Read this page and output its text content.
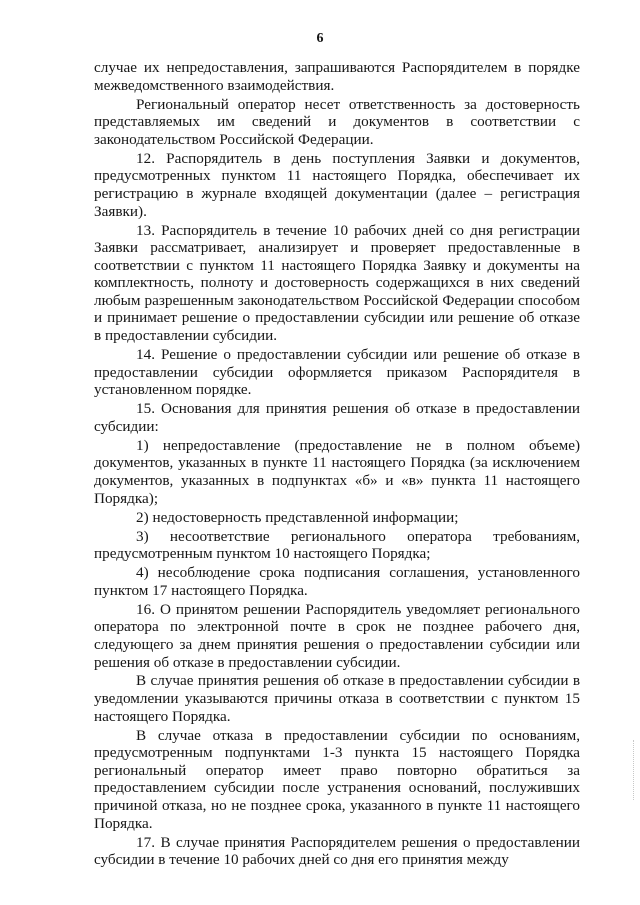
6

случае их непредоставления, запрашиваются Распорядителем в порядке межведомственного взаимодействия.

Региональный оператор несет ответственность за достоверность представляемых им сведений и документов в соответствии с законодательством Российской Федерации.

12. Распорядитель в день поступления Заявки и документов, предусмотренных пунктом 11 настоящего Порядка, обеспечивает их регистрацию в журнале входящей документации (далее – регистрация Заявки).

13. Распорядитель в течение 10 рабочих дней со дня регистрации Заявки рассматривает, анализирует и проверяет предоставленные в соответствии с пунктом 11 настоящего Порядка Заявку и документы на комплектность, полноту и достоверность содержащихся в них сведений любым разрешенным законодательством Российской Федерации способом и принимает решение о предоставлении субсидии или решение об отказе в предоставлении субсидии.

14. Решение о предоставлении субсидии или решение об отказе в предоставлении субсидии оформляется приказом Распорядителя в установленном порядке.

15. Основания для принятия решения об отказе в предоставлении субсидии:

1) непредоставление (предоставление не в полном объеме) документов, указанных в пункте 11 настоящего Порядка (за исключением документов, указанных в подпунктах «б» и «в» пункта 11 настоящего Порядка);

2) недостоверность представленной информации;

3) несоответствие регионального оператора требованиям, предусмотренным пунктом 10 настоящего Порядка;

4) несоблюдение срока подписания соглашения, установленного пунктом 17 настоящего Порядка.

16. О принятом решении Распорядитель уведомляет регионального оператора по электронной почте в срок не позднее рабочего дня, следующего за днем принятия решения о предоставлении субсидии или решения об отказе в предоставлении субсидии.

В случае принятия решения об отказе в предоставлении субсидии в уведомлении указываются причины отказа в соответствии с пунктом 15 настоящего Порядка.

В случае отказа в предоставлении субсидии по основаниям, предусмотренным подпунктами 1-3 пункта 15 настоящего Порядка региональный оператор имеет право повторно обратиться за предоставлением субсидии после устранения оснований, послуживших причиной отказа, но не позднее срока, указанного в пункте 11 настоящего Порядка.

17. В случае принятия Распорядителем решения о предоставлении субсидии в течение 10 рабочих дней со дня его принятия между
